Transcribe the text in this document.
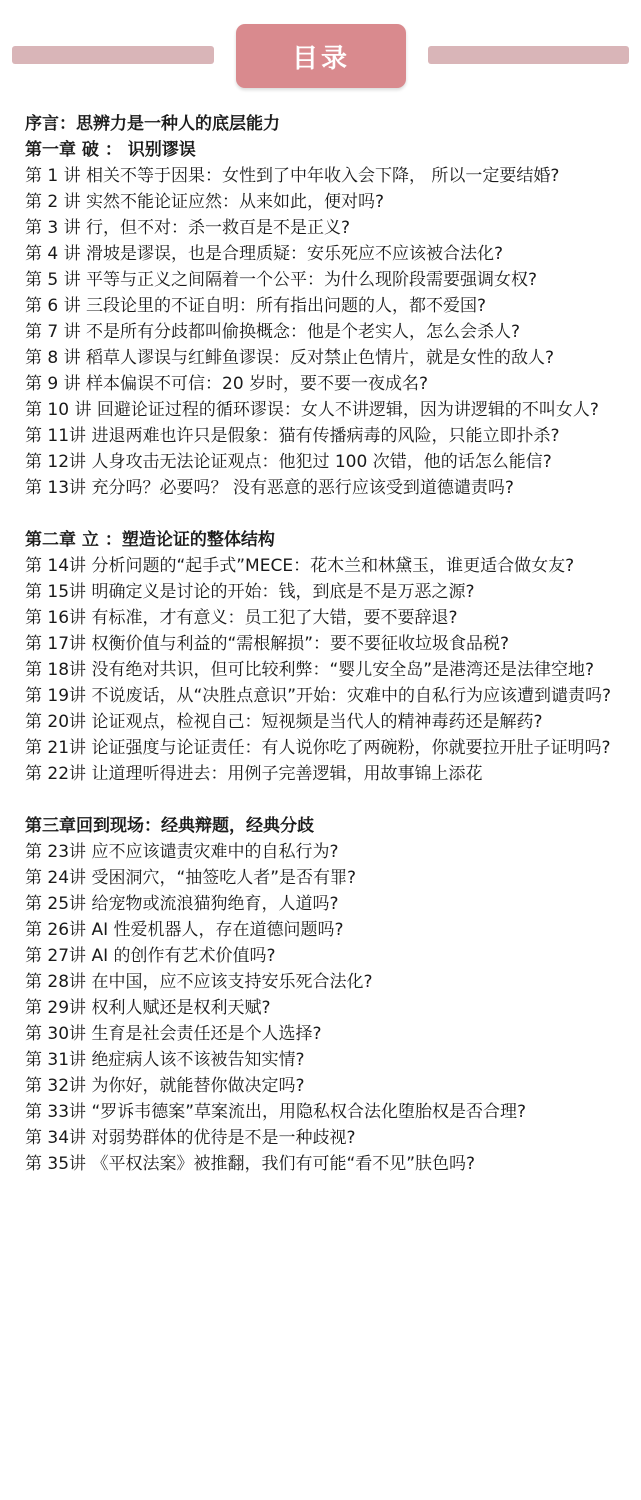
目录
序言：思辨力是一种人的底层能力
第一章 破 ： 识别谬误
第 1 讲 相关不等于因果：女性到了中年收入会下降， 所以一定要结婚?
第 2 讲 实然不能论证应然：从来如此，便对吗?
第 3 讲 行，但不对：杀一救百是不是正义?
第 4 讲 滑坡是谬误，也是合理质疑：安乐死应不应该被合法化?
第 5 讲 平等与正义之间隔着一个公平：为什么现阶段需要强调女权?
第 6 讲 三段论里的不证自明：所有指出问题的人，都不爱国?
第 7 讲 不是所有分歧都叫偷换概念：他是个老实人，怎么会杀人?
第 8 讲 稻草人谬误与红鲱鱼谬误：反对禁止色情片，就是女性的敌人?
第 9 讲 样本偏误不可信：20 岁时，要不要一夜成名?
第 10 讲 回避论证过程的循环谬误：女人不讲逻辑，因为讲逻辑的不叫女人?
第 11讲 进退两难也许只是假象：猫有传播病毒的风险，只能立即扑杀?
第 12讲 人身攻击无法论证观点：他犯过 100 次错，他的话怎么能信?
第 13讲 充分吗？必要吗？ 没有恶意的恶行应该受到道德谴责吗?
第二章 立 ：塑造论证的整体结构
第 14讲 分析问题的“起手式”MECE：花木兰和林黛玉，谁更适合做女友?
第 15讲 明确定义是讨论的开始：钱，到底是不是万恶之源?
第 16讲 有标准，才有意义：员工犯了大错，要不要辞退?
第 17讲 权衡价值与利益的“需根解损”：要不要征收垃圾食品税?
第 18讲 没有绝对共识，但可比较利弊：“婴儿安全岛”是港湾还是法律空地?
第 19讲 不说废话，从“决胜点意识”开始：灾难中的自私行为应该遭到谴责吗?
第 20讲 论证观点，检视自己：短视频是当代人的精神毒药还是解药?
第 21讲 论证强度与论证责任：有人说你吃了两碗粉，你就要拉开肚子证明吗?
第 22讲 让道理听得进去：用例子完善逻辑，用故事锦上添花
第三章回到现场：经典辩题，经典分歧
第 23讲 应不应该谴责灾难中的自私行为?
第 24讲 受困洞穴，“抽签吃人者”是否有罪?
第 25讲 给宠物或流浪猫狗绝育，人道吗?
第 26讲 AI 性爱机器人，存在道德问题吗?
第 27讲 AI 的创作有艺术价值吗?
第 28讲 在中国，应不应该支持安乐死合法化?
第 29讲 权利人赋还是权利天赋?
第 30讲 生育是社会责任还是个人选择?
第 31讲 绝症病人该不该被告知实情?
第 32讲 为你好，就能替你做决定吗?
第 33讲 “罗诉韦德案”草案流出，用隐私权合法化堕胎权是否合理?
第 34讲 对弱势群体的优待是不是一种歧视?
第 35讲 《平权法案》被推翻，我们有可能“看不见”肤色吗?
